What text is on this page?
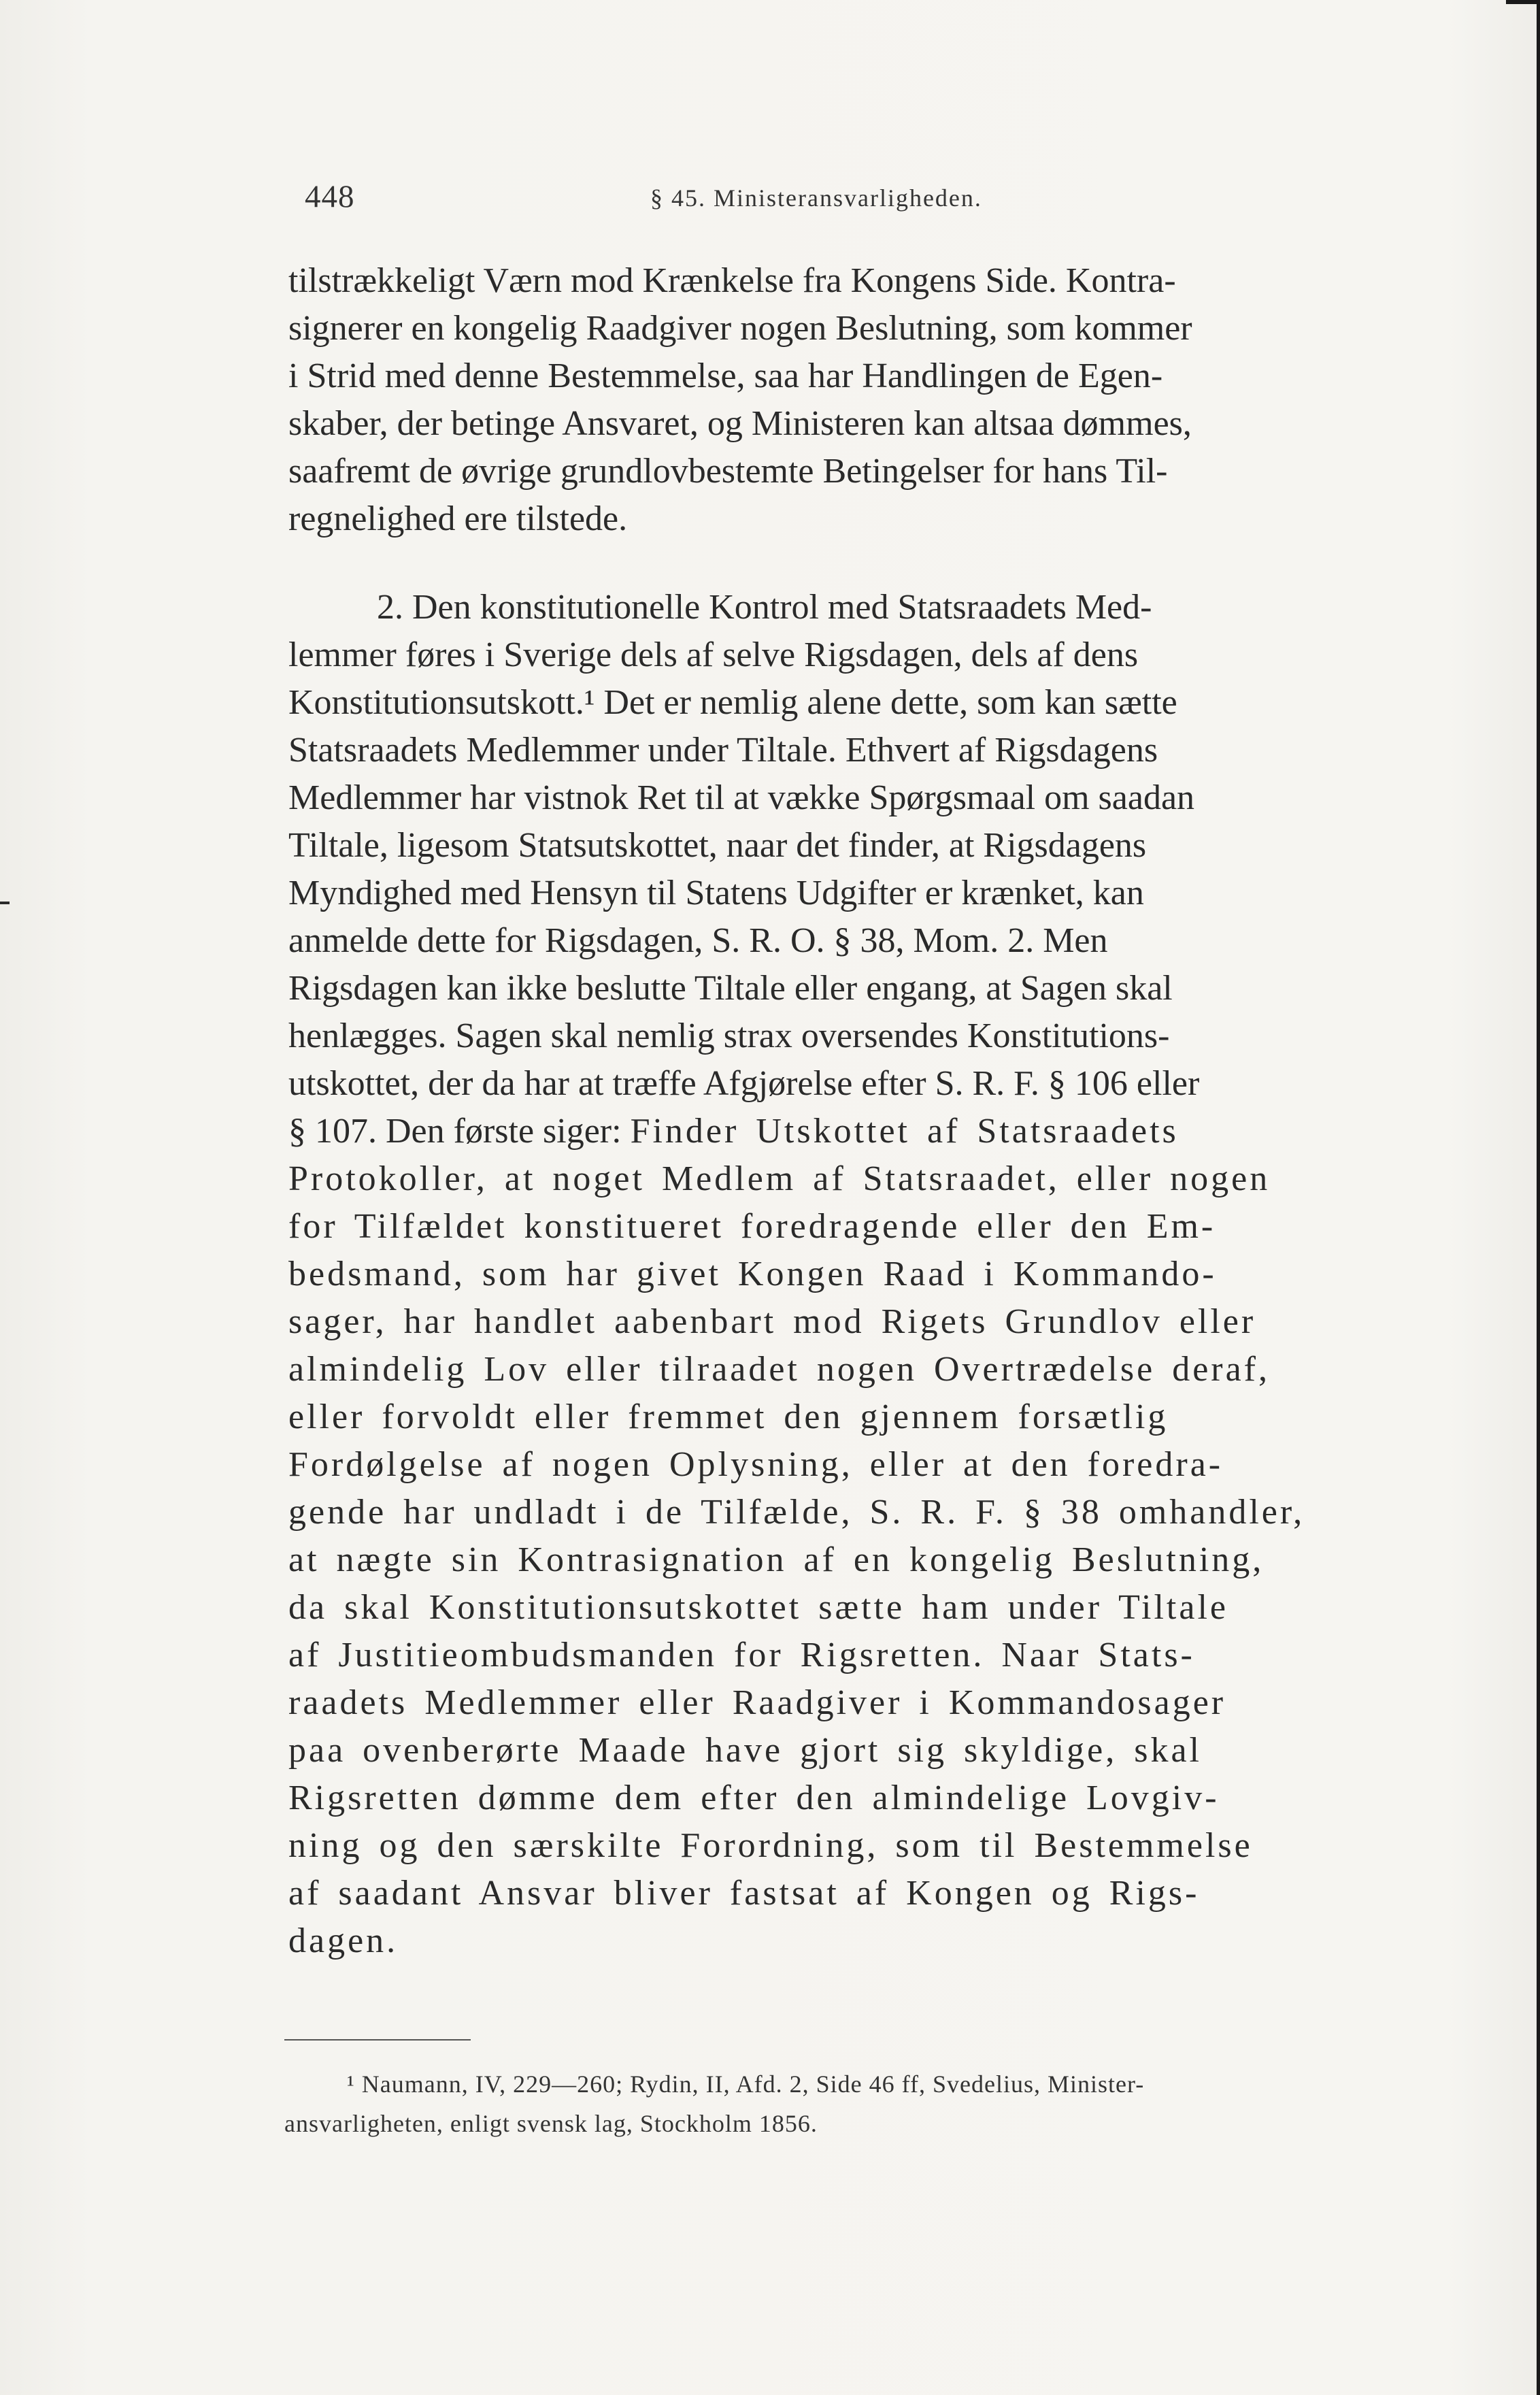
448	§ 45. Ministeransvarligheden.
tilstrækkeligt Værn mod Krænkelse fra Kongens Side. Kontra-
signerer en kongelig Raadgiver nogen Beslutning, som kommer
i Strid med denne Bestemmelse, saa har Handlingen de Egen-
skaber, der betinge Ansvaret, og Ministeren kan altsaa dømmes,
saafremt de øvrige grundlovbestemte Betingelser for hans Til-
regnelighed ere tilstede.
2. Den konstitutionelle Kontrol med Statsraadets Med-
lemmer føres i Sverige dels af selve Rigsdagen, dels af dens
Konstitutionsutskott.¹ Det er nemlig alene dette, som kan sætte
Statsraadets Medlemmer under Tiltale. Ethvert af Rigsdagens
Medlemmer har vistnok Ret til at vække Spørgsmaal om saadan
Tiltale, ligesom Statsutskottet, naar det finder, at Rigsdagens
Myndighed med Hensyn til Statens Udgifter er krænket, kan
anmelde dette for Rigsdagen, S. R. O. § 38, Mom. 2. Men
Rigsdagen kan ikke beslutte Tiltale eller engang, at Sagen skal
henlægges. Sagen skal nemlig strax oversendes Konstitutions-
utskottet, der da har at træffe Afgjørelse efter S. R. F. § 106 eller
§ 107. Den første siger: Finder Utskottet af Statsraadets
Protokoller, at noget Medlem af Statsraadet, eller nogen
for Tilfældet konstitueret foredragende eller den Em-
bedsmand, som har givet Kongen Raad i Kommando-
sager, har handlet aabenbart mod Rigets Grundlov eller
almindelig Lov eller tilraadet nogen Overtrædelse deraf,
eller forvoldt eller fremmet den gjennem forsætlig
Fordølgelse af nogen Oplysning, eller at den foredra-
gende har undladt i de Tilfælde, S. R. F. § 38 omhandler,
at nægte sin Kontrasignation af en kongelig Beslutning,
da skal Konstitutionsutskottet sætte ham under Tiltale
af Justitieombudsmanden for Rigsretten. Naar Stats-
raadets Medlemmer eller Raadgiver i Kommandosager
paa ovenberørte Maade have gjort sig skyldige, skal
Rigsretten dømme dem efter den almindelige Lovgiv-
ning og den særskilte Forordning, som til Bestemmelse
af saadant Ansvar bliver fastsat af Kongen og Rigs-
dagen.
¹ Naumann, IV, 229—260; Rydin, II, Afd. 2, Side 46 ff, Svedelius, Minister-
ansvarligheten, enligt svensk lag, Stockholm 1856.
